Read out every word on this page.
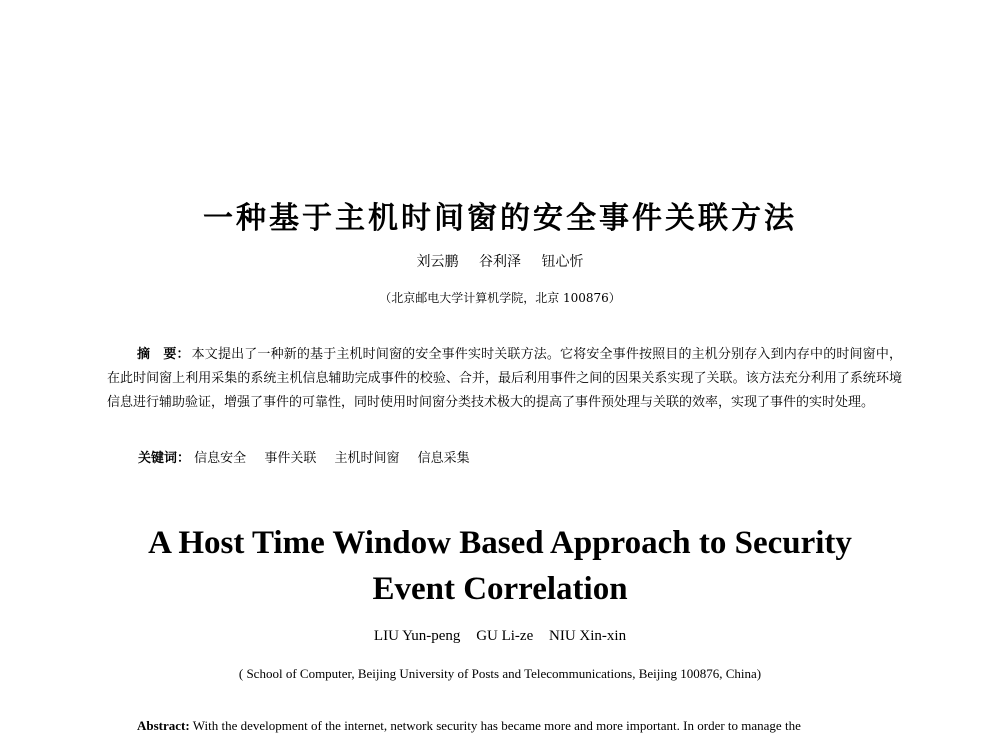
一种基于主机时间窗的安全事件关联方法

刘云鹏 谷利泽 钮心忻

（北京邮电大学计算机学院，北京 100876）

摘　要： 本文提出了一种新的基于主机时间窗的安全事件实时关联方法。它将安全事件按照目的主机分别存入到内存中的时间窗中，在此时间窗上利用采集的系统主机信息辅助完成事件的校验、合并，最后利用事件之间的因果关系实现了关联。该方法充分利用了系统环境信息进行辅助验证，增强了事件的可靠性，同时使用时间窗分类技术极大的提高了事件预处理与关联的效率，实现了事件的实时处理。

关键词： 信息安全 事件关联 主机时间窗 信息采集

A Host Time Window Based Approach to Security
Event Correlation

LIU Yun-peng GU Li-ze NIU Xin-xin

( School of Computer, Beijing University of Posts and Telecommunications, Beijing 100876, China)

Abstract: With the development of the internet, network security has became more and more important. In order to manage the
